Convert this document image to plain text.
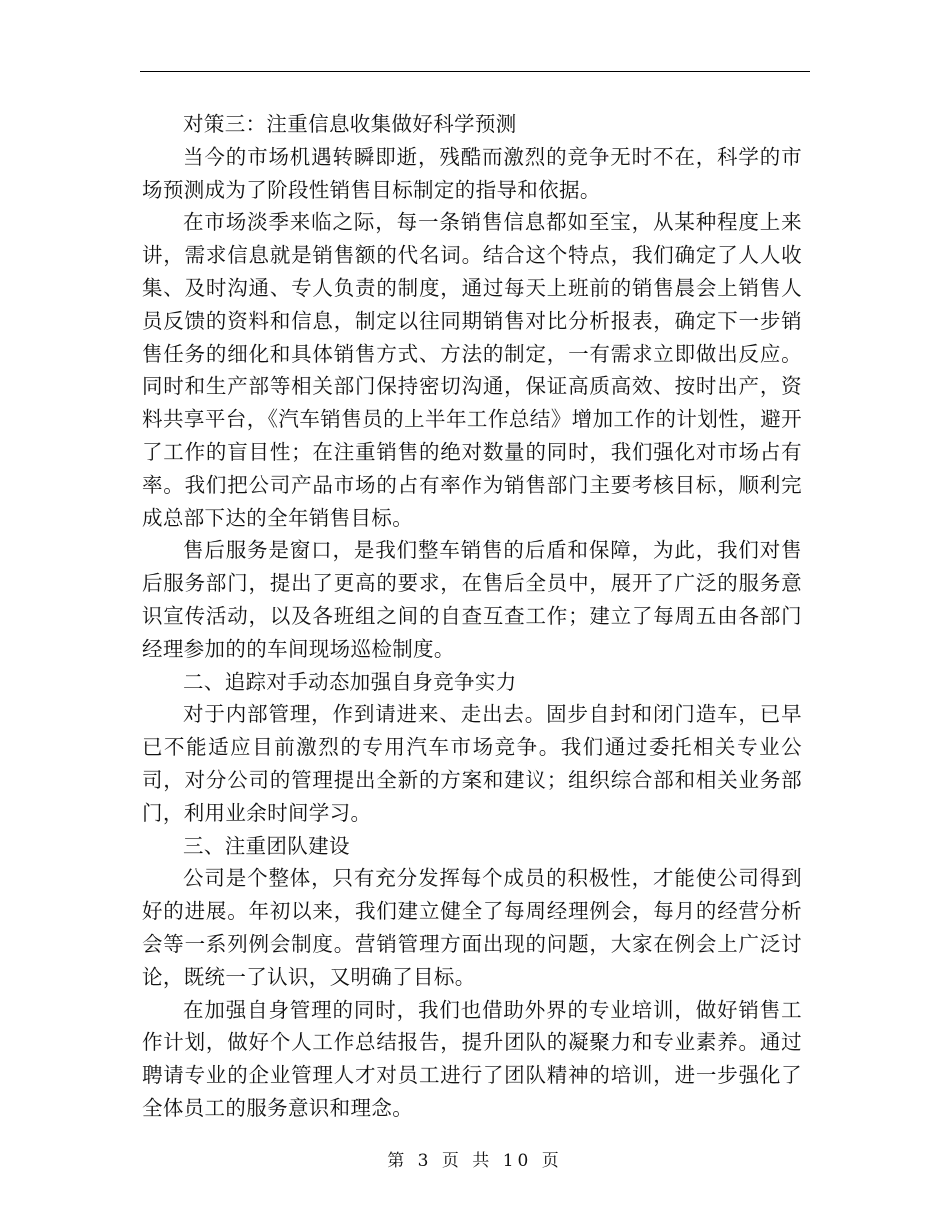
对策三：注重信息收集做好科学预测

当今的市场机遇转瞬即逝，残酷而激烈的竞争无时不在，科学的市场预测成为了阶段性销售目标制定的指导和依据。

在市场淡季来临之际，每一条销售信息都如至宝，从某种程度上来讲，需求信息就是销售额的代名词。结合这个特点，我们确定了人人收集、及时沟通、专人负责的制度，通过每天上班前的销售晨会上销售人员反馈的资料和信息，制定以往同期销售对比分析报表，确定下一步销售任务的细化和具体销售方式、方法的制定，一有需求立即做出反应。同时和生产部等相关部门保持密切沟通，保证高质高效、按时出产，资料共享平台，《汽车销售员的上半年工作总结》增加工作的计划性，避开了工作的盲目性；在注重销售的绝对数量的同时，我们强化对市场占有率。我们把公司产品市场的占有率作为销售部门主要考核目标，顺利完成总部下达的全年销售目标。

售后服务是窗口，是我们整车销售的后盾和保障，为此，我们对售后服务部门，提出了更高的要求，在售后全员中，展开了广泛的服务意识宣传活动，以及各班组之间的自查互查工作；建立了每周五由各部门经理参加的的车间现场巡检制度。

二、追踪对手动态加强自身竞争实力

对于内部管理，作到请进来、走出去。固步自封和闭门造车，已早已不能适应目前激烈的专用汽车市场竞争。我们通过委托相关专业公司，对分公司的管理提出全新的方案和建议；组织综合部和相关业务部门，利用业余时间学习。

三、注重团队建设

公司是个整体，只有充分发挥每个成员的积极性，才能使公司得到好的进展。年初以来，我们建立健全了每周经理例会，每月的经营分析会等一系列例会制度。营销管理方面出现的问题，大家在例会上广泛讨论，既统一了认识，又明确了目标。

在加强自身管理的同时，我们也借助外界的专业培训，做好销售工作计划，做好个人工作总结报告，提升团队的凝聚力和专业素养。通过聘请专业的企业管理人才对员工进行了团队精神的培训，进一步强化了全体员工的服务意识和理念。

第 3 页 共 10 页
